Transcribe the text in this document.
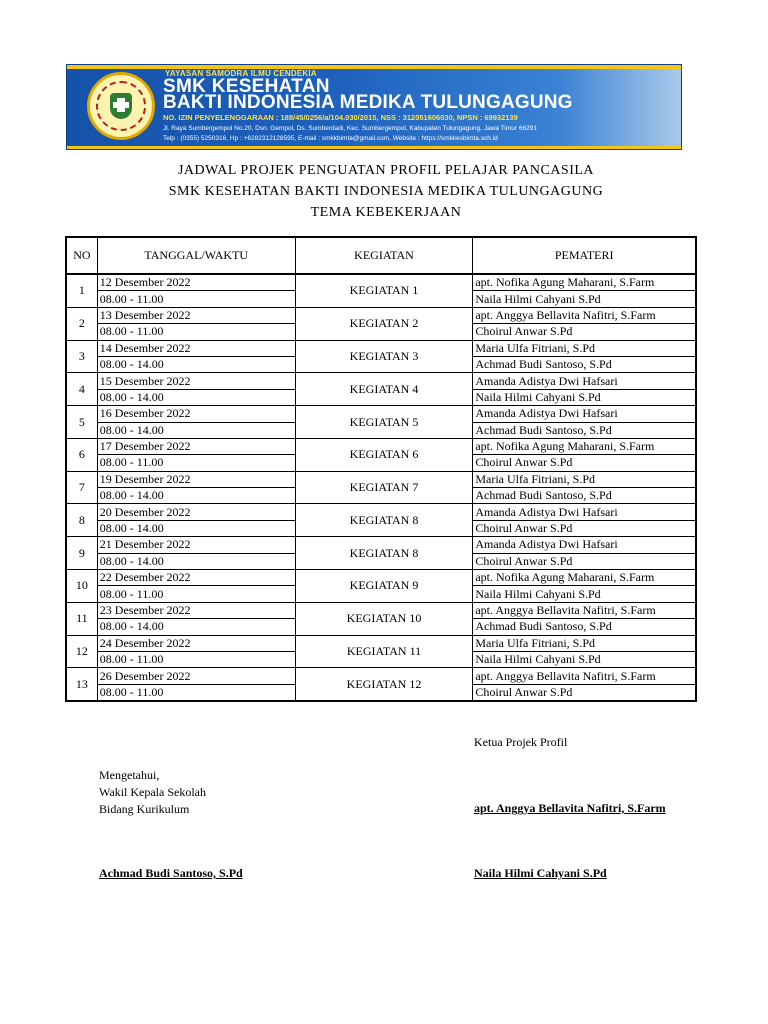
YAYASAN SAMODRA ILMU CENDEKIA
SMK KESEHATAN
BAKTI INDONESIA MEDIKA TULUNGAGUNG
NO. IZIN PENYELENGGARAAN : 188/45/0256/a/104.030/2015, NSS : 312051606030, NPSN : 69932139
Jl. Raya Sumbergempol No.20, Dsn. Gempol, Ds. Sumberdadi, Kec. Sumbergempol, Kabupaten Tulungagung, Jawa Timur 66291
Telp : (0355) 5250316, Hp : +6282312128595, E-mail : smkkbimta@gmail.com, Website : https://smkkesbimta.sch.id
JADWAL PROJEK PENGUATAN PROFIL PELAJAR PANCASILA
SMK KESEHATAN BAKTI INDONESIA MEDIKA TULUNGAGUNG
TEMA KEBEKERJAAN
NO	TANGGAL/WAKTU	KEGIATAN	PEMATERI
1	12 Desember 2022	KEGIATAN 1	apt. Nofika Agung Maharani, S.Farm
	08.00 - 11.00		Naila Hilmi Cahyani S.Pd
2	13 Desember 2022	KEGIATAN 2	apt. Anggya Bellavita Nafitri, S.Farm
	08.00 - 11.00		Choirul Anwar S.Pd
3	14 Desember 2022	KEGIATAN 3	Maria Ulfa Fitriani, S.Pd
	08.00 - 14.00		Achmad Budi Santoso, S.Pd
4	15 Desember 2022	KEGIATAN 4	Amanda Adistya Dwi Hafsari
	08.00 - 14.00		Naila Hilmi Cahyani S.Pd
5	16 Desember 2022	KEGIATAN 5	Amanda Adistya Dwi Hafsari
	08.00 - 14.00		Achmad Budi Santoso, S.Pd
6	17 Desember 2022	KEGIATAN 6	apt. Nofika Agung Maharani, S.Farm
	08.00 - 11.00		Choirul Anwar S.Pd
7	19 Desember 2022	KEGIATAN 7	Maria Ulfa Fitriani, S.Pd
	08.00 - 14.00		Achmad Budi Santoso, S.Pd
8	20 Desember 2022	KEGIATAN 8	Amanda Adistya Dwi Hafsari
	08.00 - 14.00		Choirul Anwar S.Pd
9	21 Desember 2022	KEGIATAN 8	Amanda Adistya Dwi Hafsari
	08.00 - 14.00		Choirul Anwar S.Pd
10	22 Desember 2022	KEGIATAN 9	apt. Nofika Agung Maharani, S.Farm
	08.00 - 11.00		Naila Hilmi Cahyani S.Pd
11	23 Desember 2022	KEGIATAN 10	apt. Anggya Bellavita Nafitri, S.Farm
	08.00 - 14.00		Achmad Budi Santoso, S.Pd
12	24 Desember 2022	KEGIATAN 11	Maria Ulfa Fitriani, S.Pd
	08.00 - 11.00		Naila Hilmi Cahyani S.Pd
13	26 Desember 2022	KEGIATAN 12	apt. Anggya Bellavita Nafitri, S.Farm
	08.00 - 11.00		Choirul Anwar S.Pd
Ketua Projek Profil
Mengetahui,
Wakil Kepala Sekolah
Bidang Kurikulum	apt. Anggya Bellavita Nafitri, S.Farm
Achmad Budi Santoso, S.Pd	Naila Hilmi Cahyani S.Pd
